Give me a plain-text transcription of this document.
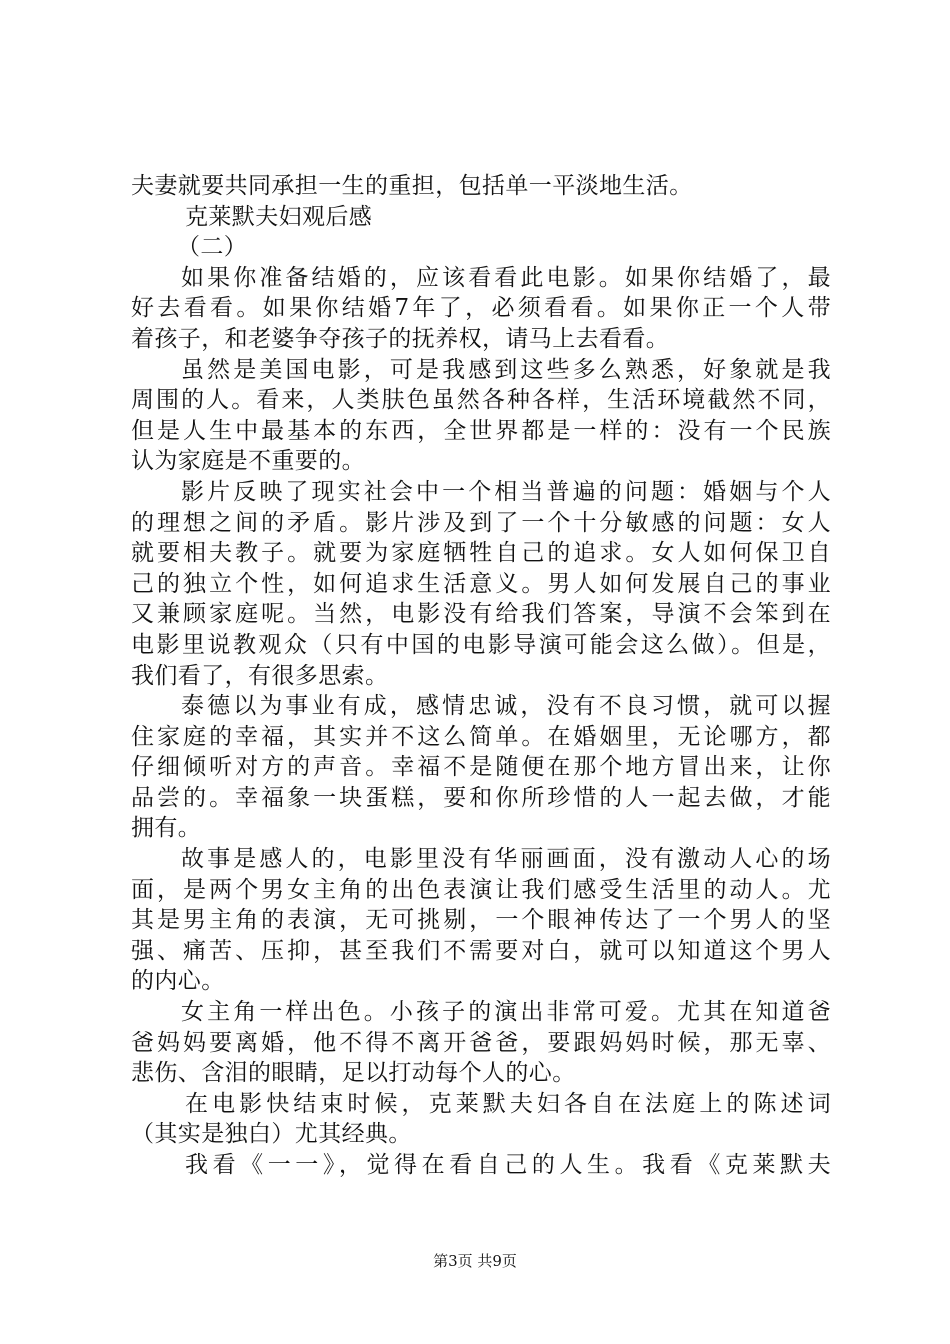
夫妻就要共同承担一生的重担，包括单一平淡地生活。
克莱默夫妇观后感
（二）
如果你准备结婚的，应该看看此电影。如果你结婚了，最
好去看看。如果你结婚7年了，必须看看。如果你正一个人带
着孩子，和老婆争夺孩子的抚养权，请马上去看看。
虽然是美国电影，可是我感到这些多么熟悉，好象就是我
周围的人。看来，人类肤色虽然各种各样，生活环境截然不同，
但是人生中最基本的东西，全世界都是一样的：没有一个民族
认为家庭是不重要的。
影片反映了现实社会中一个相当普遍的问题：婚姻与个人
的理想之间的矛盾。影片涉及到了一个十分敏感的问题：女人
就要相夫教子。就要为家庭牺牲自己的追求。女人如何保卫自
己的独立个性，如何追求生活意义。男人如何发展自己的事业
又兼顾家庭呢。当然，电影没有给我们答案，导演不会笨到在
电影里说教观众（只有中国的电影导演可能会这么做）。但是，
我们看了，有很多思索。
泰德以为事业有成，感情忠诚，没有不良习惯，就可以握
住家庭的幸福，其实并不这么简单。在婚姻里，无论哪方，都
仔细倾听对方的声音。幸福不是随便在那个地方冒出来，让你
品尝的。幸福象一块蛋糕，要和你所珍惜的人一起去做，才能
拥有。
故事是感人的，电影里没有华丽画面，没有激动人心的场
面，是两个男女主角的出色表演让我们感受生活里的动人。尤
其是男主角的表演，无可挑剔，一个眼神传达了一个男人的坚
强、痛苦、压抑，甚至我们不需要对白，就可以知道这个男人
的内心。
女主角一样出色。小孩子的演出非常可爱。尤其在知道爸
爸妈妈要离婚，他不得不离开爸爸，要跟妈妈时候，那无辜、
悲伤、含泪的眼睛，足以打动每个人的心。
在电影快结束时候，克莱默夫妇各自在法庭上的陈述词
（其实是独白）尤其经典。
我看《一一》，觉得在看自己的人生。我看《克莱默夫
第3页 共9页
